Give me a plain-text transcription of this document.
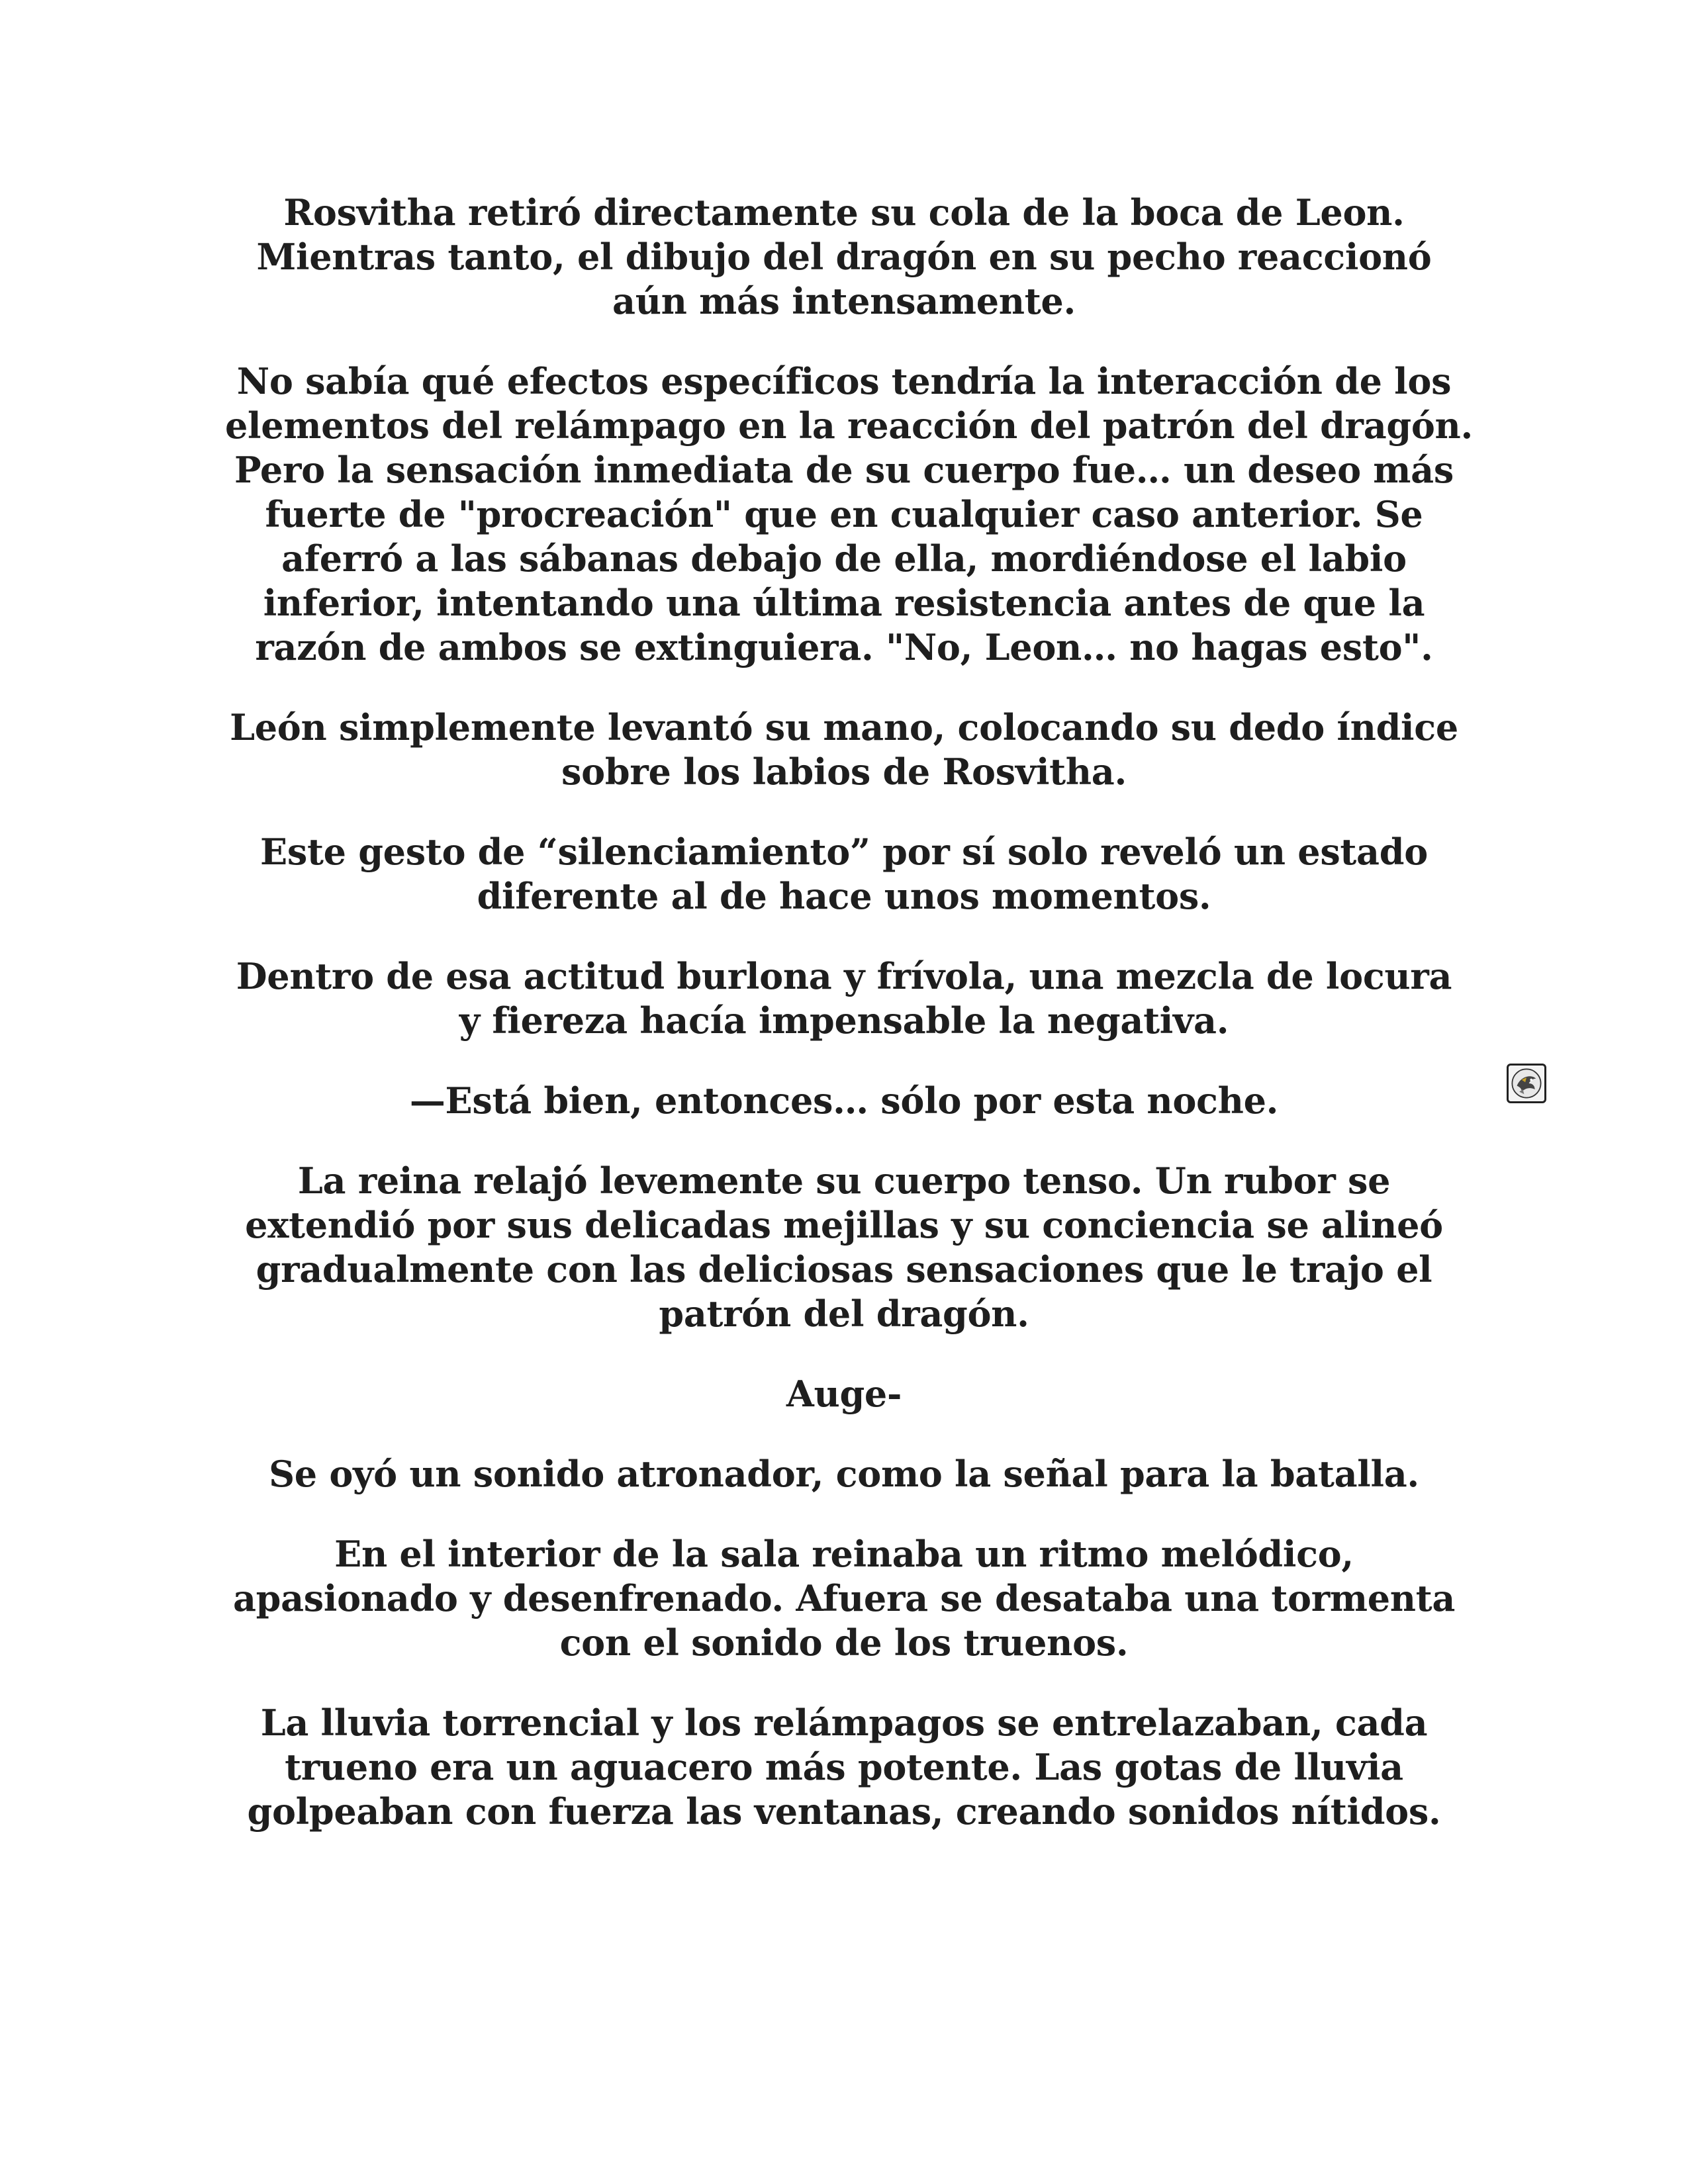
Rosvitha retiró directamente su cola de la boca de Leon.
Mientras tanto, el dibujo del dragón en su pecho reaccionó
aún más intensamente.

No sabía qué efectos específicos tendría la interacción de los
elementos del relámpago en la reacción del patrón del dragón.
Pero la sensación inmediata de su cuerpo fue… un deseo más
fuerte de "procreación" que en cualquier caso anterior. Se
aferró a las sábanas debajo de ella, mordiéndose el labio
inferior, intentando una última resistencia antes de que la
razón de ambos se extinguiera. "No, Leon… no hagas esto".

León simplemente levantó su mano, colocando su dedo índice
sobre los labios de Rosvitha.

Este gesto de “silenciamiento” por sí solo reveló un estado
diferente al de hace unos momentos.

Dentro de esa actitud burlona y frívola, una mezcla de locura
y fiereza hacía impensable la negativa.

—Está bien, entonces… sólo por esta noche.

La reina relajó levemente su cuerpo tenso. Un rubor se
extendió por sus delicadas mejillas y su conciencia se alineó
gradualmente con las deliciosas sensaciones que le trajo el
patrón del dragón.

Auge-

Se oyó un sonido atronador, como la señal para la batalla.

En el interior de la sala reinaba un ritmo melódico,
apasionado y desenfrenado. Afuera se desataba una tormenta
con el sonido de los truenos.

La lluvia torrencial y los relámpagos se entrelazaban, cada
trueno era un aguacero más potente. Las gotas de lluvia
golpeaban con fuerza las ventanas, creando sonidos nítidos.
